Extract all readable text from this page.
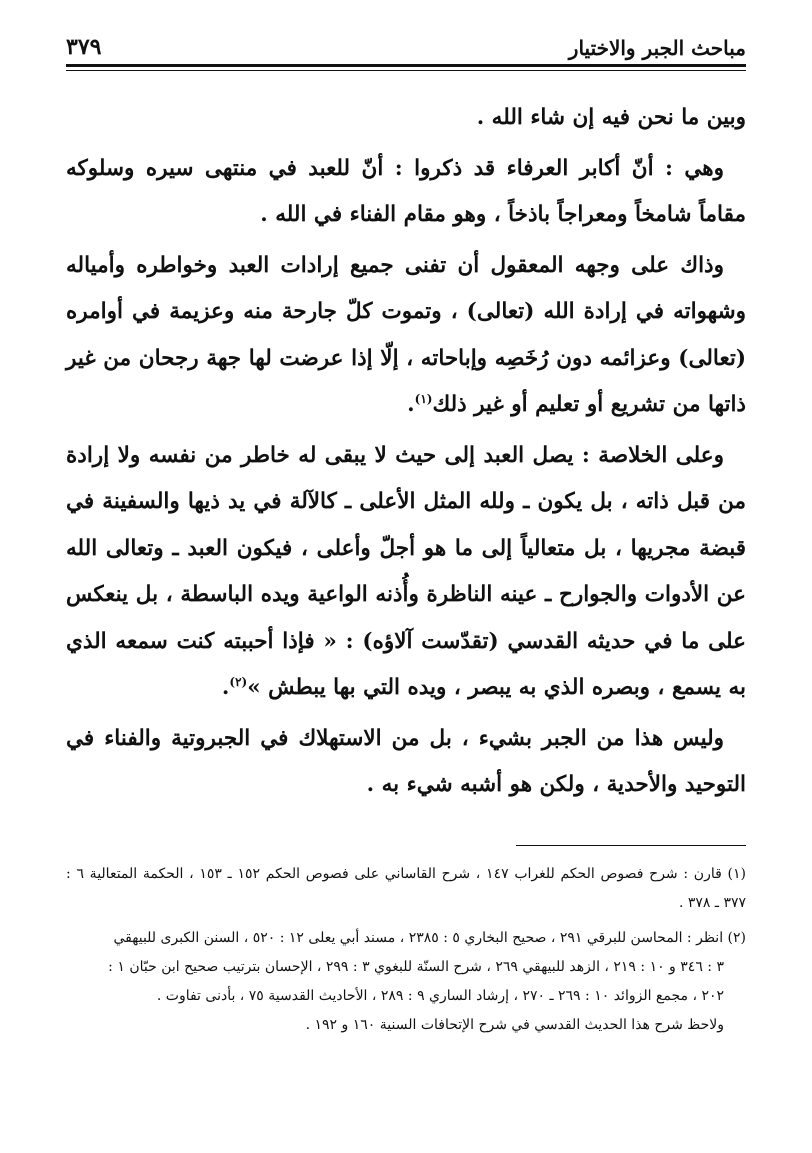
مباحث الجبر والاختيار
٣٧٩

وبين ما نحن فيه إن شاء الله .

وهي : أنّ أكابر العرفاء قد ذكروا : أنّ للعبد في منتهى سيره وسلوكه مقاماً شامخاً ومعراجاً باذخاً ، وهو مقام الفناء في الله .

وذاك على وجهه المعقول أن تفنى جميع إرادات العبد وخواطره وأمياله وشهواته في إرادة الله (تعالى) ، وتموت كلّ جارحة منه وعزيمة في أوامره (تعالى) وعزائمه دون رُخَصِه وإباحاته ، إلّا إذا عرضت لها جهة رجحان من غير ذاتها من تشريع أو تعليم أو غير ذلك$^{(١)}$.

وعلى الخلاصة : يصل العبد إلى حيث لا يبقى له خاطر من نفسه ولا إرادة من قبل ذاته ، بل يكون ـ ولله المثل الأعلى ـ كالآلة في يد ذيها والسفينة في قبضة مجريها ، بل متعالياً إلى ما هو أجلّ وأعلى ، فيكون العبد ـ وتعالى الله عن الأدوات والجوارح ـ عينه الناظرة وأُذنه الواعية ويده الباسطة ، بل ينعكس على ما في حديثه القدسي (تقدّست آلاؤه) : « فإذا أحببته كنت سمعه الذي به يسمع ، وبصره الذي به يبصر ، ويده التي بها يبطش »$^{(٢)}$.

وليس هذا من الجبر بشيء ، بل من الاستهلاك في الجبروتية والفناء في التوحيد والأحدية ، ولكن هو أشبه شيء به .

(١) قارن : شرح فصوص الحكم للغراب ١٤٧ ، شرح القاساني على فصوص الحكم ١٥٢ ـ ١٥٣ ، الحكمة المتعالية ٦ : ٣٧٧ ـ ٣٧٨ .

(٢) انظر : المحاسن للبرقي ٢٩١ ، صحيح البخاري ٥ : ٢٣٨٥ ، مسند أبي يعلى ١٢ : ٥٢٠ ، السنن الكبرى للبيهقي
٣ : ٣٤٦ و ١٠ : ٢١٩ ، الزهد للبيهقي ٢٦٩ ، شرح السنّة للبغوي ٣ : ٢٩٩ ، الإحسان بترتيب صحيح ابن حبّان ١ :
٢٠٢ ، مجمع الزوائد ١٠ : ٢٦٩ ـ ٢٧٠ ، إرشاد الساري ٩ : ٢٨٩ ، الأحاديث القدسية ٧٥ ، بأدنى تفاوت .
ولاحظ شرح هذا الحديث القدسي في شرح الإتحافات السنية ١٦٠ و ١٩٢ .
